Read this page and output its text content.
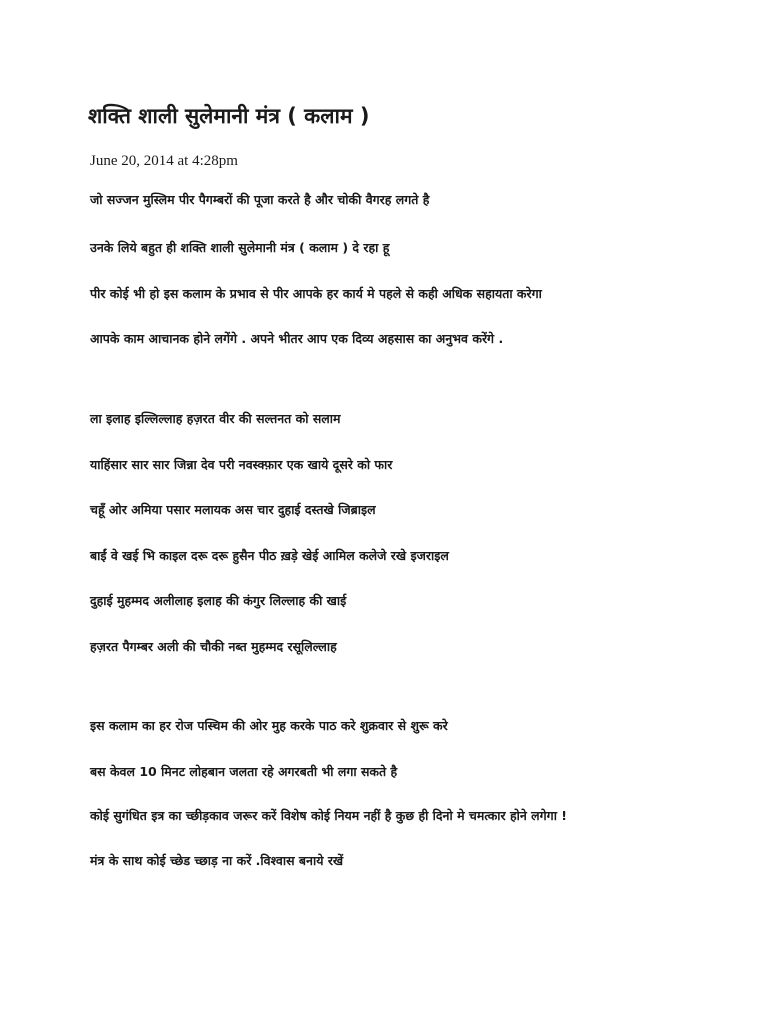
शक्ति शाली सुलेमानी मंत्र ( कलाम )
June 20, 2014 at 4:28pm
जो सज्जन मुस्लिम पीर पैगम्बरों की पूजा करते है और चोकी वैगरह लगते है
उनके लिये बहुत ही शक्ति शाली सुलेमानी मंत्र ( कलाम ) दे रहा हू
पीर कोई भी हो इस कलाम के प्रभाव से पीर आपके हर कार्य मे पहले से कही अधिक सहायता करेगा
आपके काम आचानक होने लगेंगे . अपने भीतर आप एक दिव्य अहसास का अनुभव करेंगे .
ला इलाह इल्लिल्लाह हज़रत वीर की सल्तनत को सलाम
याहिंसार सार सार जिन्ना देव परी नवस्क्फ़ार एक खाये दूसरे को फार
चहूँ ओर अमिया पसार मलायक अस चार दुहाई दस्तखे जिब्राइल
बाईं वे खई भि काइल दरू दरू हुसैन पीठ ख़ड़े खेई आमिल कलेजे रखे इजराइल
दुहाई मुहम्मद अलीलाह इलाह की कंगुर लिल्लाह की खाई
हज़रत पैगम्बर अली की चौकी नब्त मुहम्मद रसूलिल्लाह
इस कलाम का हर रोज पस्चिम की ओर मुह करके पाठ करे शुक्रवार से शुरू करे
बस केवल 10 मिनट लोहबान जलता रहे अगरबती भी लगा सकते है
कोई सुगंधित इत्र का च्छीड़काव जरूर करें विशेष कोई नियम नहीं है कुछ ही दिनो मे चमत्कार होने लगेगा !
मंत्र के साथ कोई च्छेड च्छाड़ ना करें .विश्वास बनाये रखें
